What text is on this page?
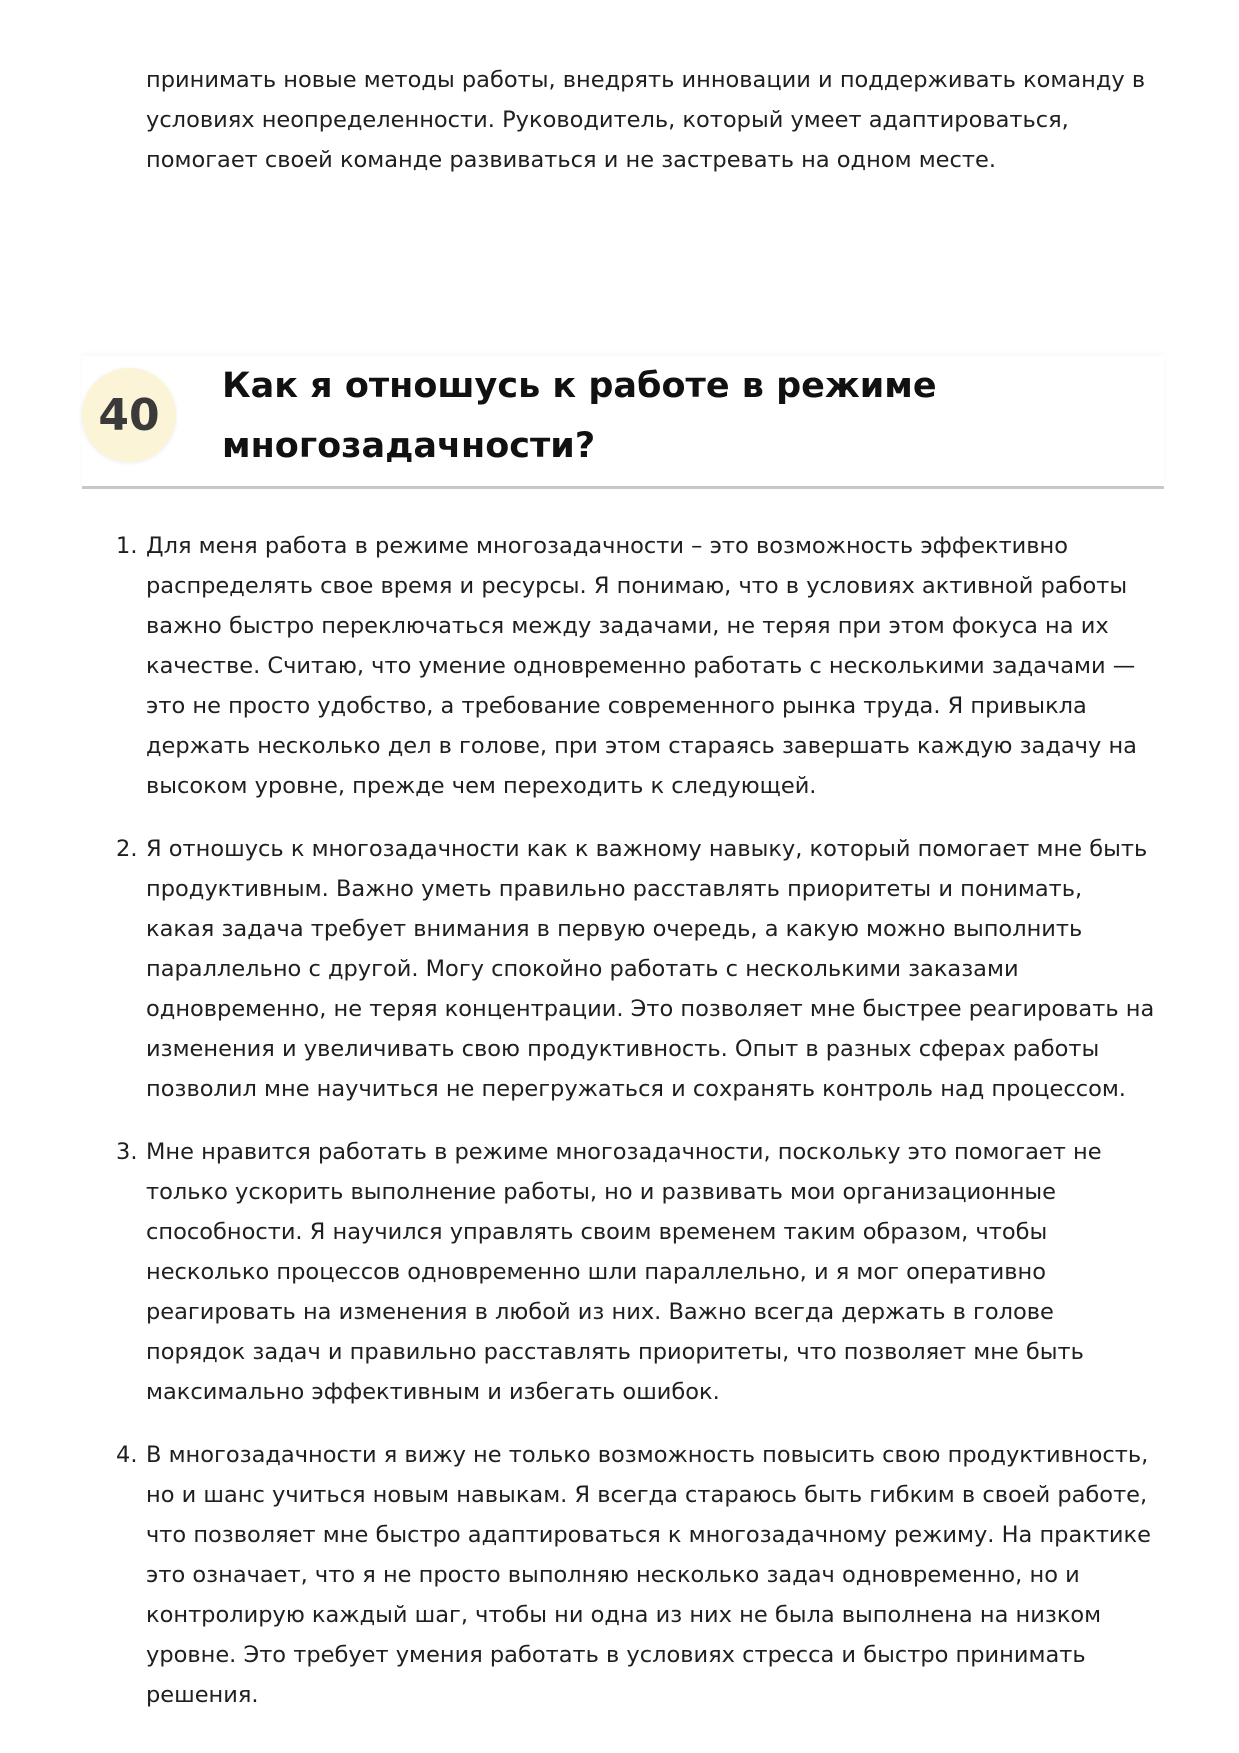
принимать новые методы работы, внедрять инновации и поддерживать команду в условиях неопределенности. Руководитель, который умеет адаптироваться, помогает своей команде развиваться и не застревать на одном месте.

40
Как я отношусь к работе в режиме многозадачности?
1. Для меня работа в режиме многозадачности – это возможность эффективно распределять свое время и ресурсы. Я понимаю, что в условиях активной работы важно быстро переключаться между задачами, не теряя при этом фокуса на их качестве. Считаю, что умение одновременно работать с несколькими задачами — это не просто удобство, а требование современного рынка труда. Я привыкла держать несколько дел в голове, при этом стараясь завершать каждую задачу на высоком уровне, прежде чем переходить к следующей.
2. Я отношусь к многозадачности как к важному навыку, который помогает мне быть продуктивным. Важно уметь правильно расставлять приоритеты и понимать, какая задача требует внимания в первую очередь, а какую можно выполнить параллельно с другой. Могу спокойно работать с несколькими заказами одновременно, не теряя концентрации. Это позволяет мне быстрее реагировать на изменения и увеличивать свою продуктивность. Опыт в разных сферах работы позволил мне научиться не перегружаться и сохранять контроль над процессом.
3. Мне нравится работать в режиме многозадачности, поскольку это помогает не только ускорить выполнение работы, но и развивать мои организационные способности. Я научился управлять своим временем таким образом, чтобы несколько процессов одновременно шли параллельно, и я мог оперативно реагировать на изменения в любой из них. Важно всегда держать в голове порядок задач и правильно расставлять приоритеты, что позволяет мне быть максимально эффективным и избегать ошибок.
4. В многозадачности я вижу не только возможность повысить свою продуктивность, но и шанс учиться новым навыкам. Я всегда стараюсь быть гибким в своей работе, что позволяет мне быстро адаптироваться к многозадачному режиму. На практике это означает, что я не просто выполняю несколько задач одновременно, но и контролирую каждый шаг, чтобы ни одна из них не была выполнена на низком уровне. Это требует умения работать в условиях стресса и быстро принимать решения.
